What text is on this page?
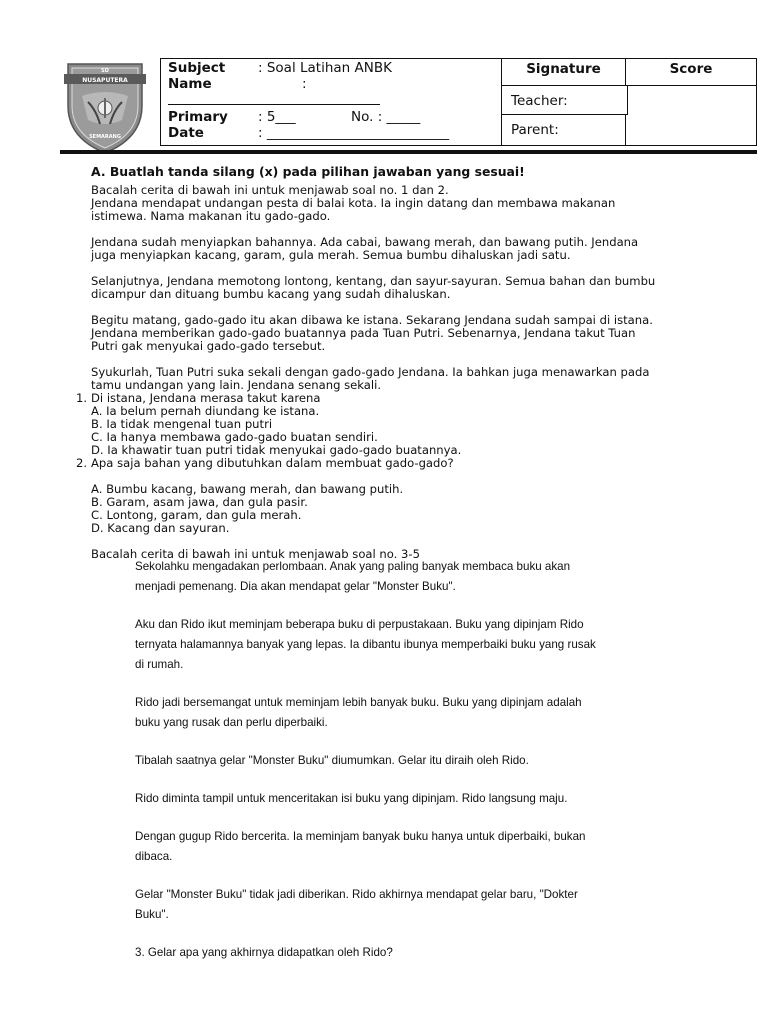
SD
NUSAPUTERA
SEMARANG
Subject : Soal Latihan ANBK
Name	:
Primary : 5___	No. : _____
Date	: ___________________________
Signature	Score
Teacher:
Parent:

A. Buatlah tanda silang (x) pada pilihan jawaban yang sesuai!

Bacalah cerita di bawah ini untuk menjawab soal no. 1 dan 2.

Jendana mendapat undangan pesta di balai kota. Ia ingin datang dan membawa makanan
istimewa. Nama makanan itu gado-gado.

Jendana sudah menyiapkan bahannya. Ada cabai, bawang merah, dan bawang putih. Jendana
juga menyiapkan kacang, garam, gula merah. Semua bumbu dihaluskan jadi satu.

Selanjutnya, Jendana memotong lontong, kentang, dan sayur-sayuran. Semua bahan dan bumbu
dicampur dan dituang bumbu kacang yang sudah dihaluskan.

Begitu matang, gado-gado itu akan dibawa ke istana. Sekarang Jendana sudah sampai di istana.
Jendana memberikan gado-gado buatannya pada Tuan Putri. Sebenarnya, Jendana takut Tuan
Putri gak menyukai gado-gado tersebut.

Syukurlah, Tuan Putri suka sekali dengan gado-gado Jendana. Ia bahkan juga menawarkan pada
tamu undangan yang lain. Jendana senang sekali.

1. Di istana, Jendana merasa takut karena

A. Ia belum pernah diundang ke istana.

B. Ia tidak mengenal tuan putri

C. Ia hanya membawa gado-gado buatan sendiri.

D. Ia khawatir tuan putri tidak menyukai gado-gado buatannya.

2. Apa saja bahan yang dibutuhkan dalam membuat gado-gado?

A. Bumbu kacang, bawang merah, dan bawang putih.

B. Garam, asam jawa, dan gula pasir.

C. Lontong, garam, dan gula merah.

D. Kacang dan sayuran.

Bacalah cerita di bawah ini untuk menjawab soal no. 3-5

Sekolahku mengadakan perlombaan. Anak yang paling banyak membaca buku akan
menjadi pemenang. Dia akan mendapat gelar "Monster Buku".

Aku dan Rido ikut meminjam beberapa buku di perpustakaan. Buku yang dipinjam Rido
ternyata halamannya banyak yang lepas. Ia dibantu ibunya memperbaiki buku yang rusak
di rumah.

Rido jadi bersemangat untuk meminjam lebih banyak buku. Buku yang dipinjam adalah
buku yang rusak dan perlu diperbaiki.

Tibalah saatnya gelar "Monster Buku" diumumkan. Gelar itu diraih oleh Rido.

Rido diminta tampil untuk menceritakan isi buku yang dipinjam. Rido langsung maju.

Dengan gugup Rido bercerita. Ia meminjam banyak buku hanya untuk diperbaiki, bukan
dibaca.

Gelar "Monster Buku" tidak jadi diberikan. Rido akhirnya mendapat gelar baru, "Dokter
Buku".

3. Gelar apa yang akhirnya didapatkan oleh Rido?
